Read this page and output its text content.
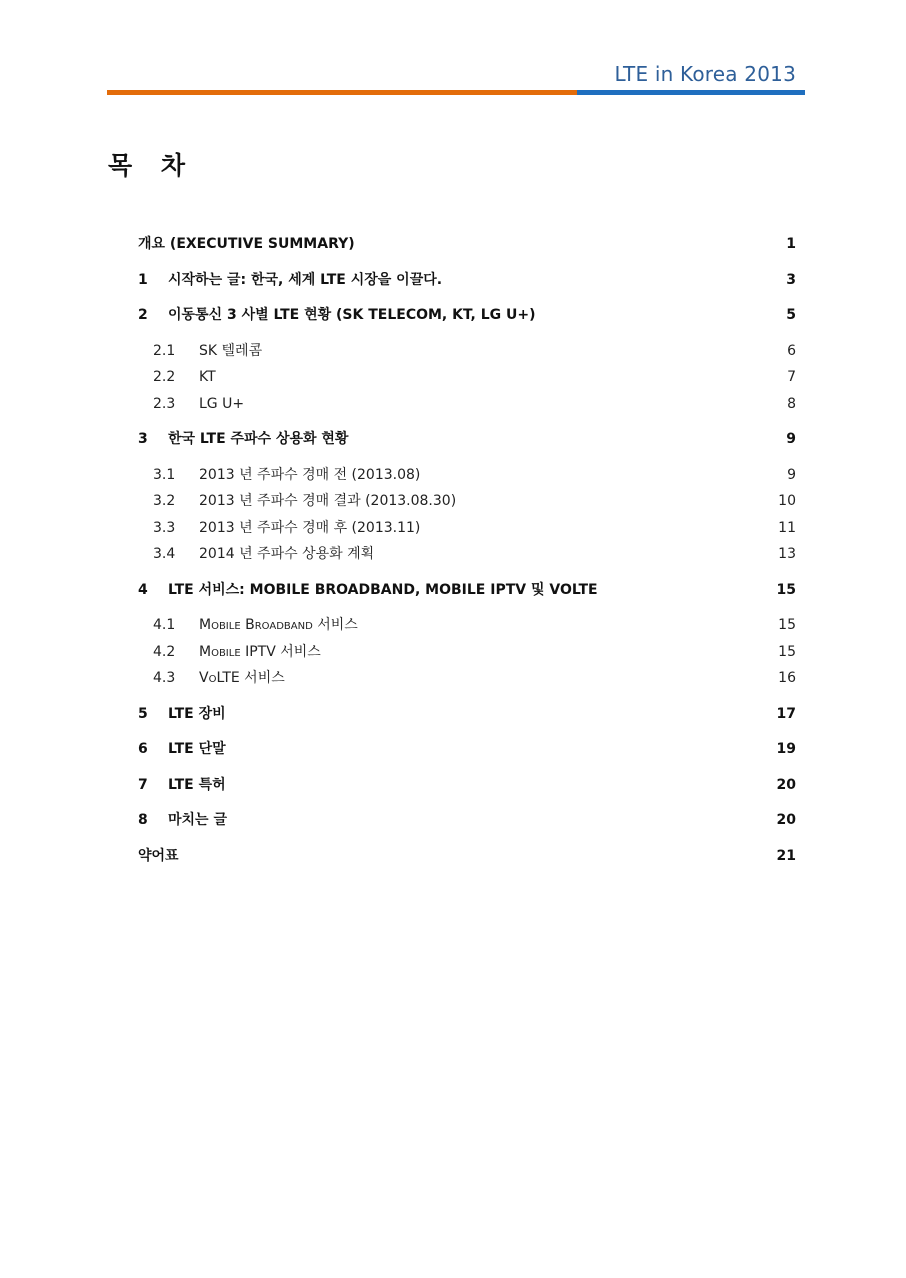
LTE in Korea 2013
목 차
개요 (EXECUTIVE SUMMARY)	1
1 시작하는 글: 한국, 세계 LTE 시장을 이끌다.	3
2 이동통신 3 사별 LTE 현황 (SK TELECOM, KT, LG U+)	5
2.1 SK 텔레콤	6
2.2 KT	7
2.3 LG U+	8
3 한국 LTE 주파수 상용화 현황	9
3.1 2013 년 주파수 경매 전 (2013.08)	9
3.2 2013 년 주파수 경매 결과 (2013.08.30)	10
3.3 2013 년 주파수 경매 후 (2013.11)	11
3.4 2014 년 주파수 상용화 계획	13
4 LTE 서비스: MOBILE BROADBAND, MOBILE IPTV 및 VOLTE	15
4.1 Mobile Broadband 서비스	15
4.2 Mobile IPTV 서비스	15
4.3 VoLTE 서비스	16
5 LTE 장비	17
6 LTE 단말	19
7 LTE 특허	20
8 마치는 글	20
약어표	21
